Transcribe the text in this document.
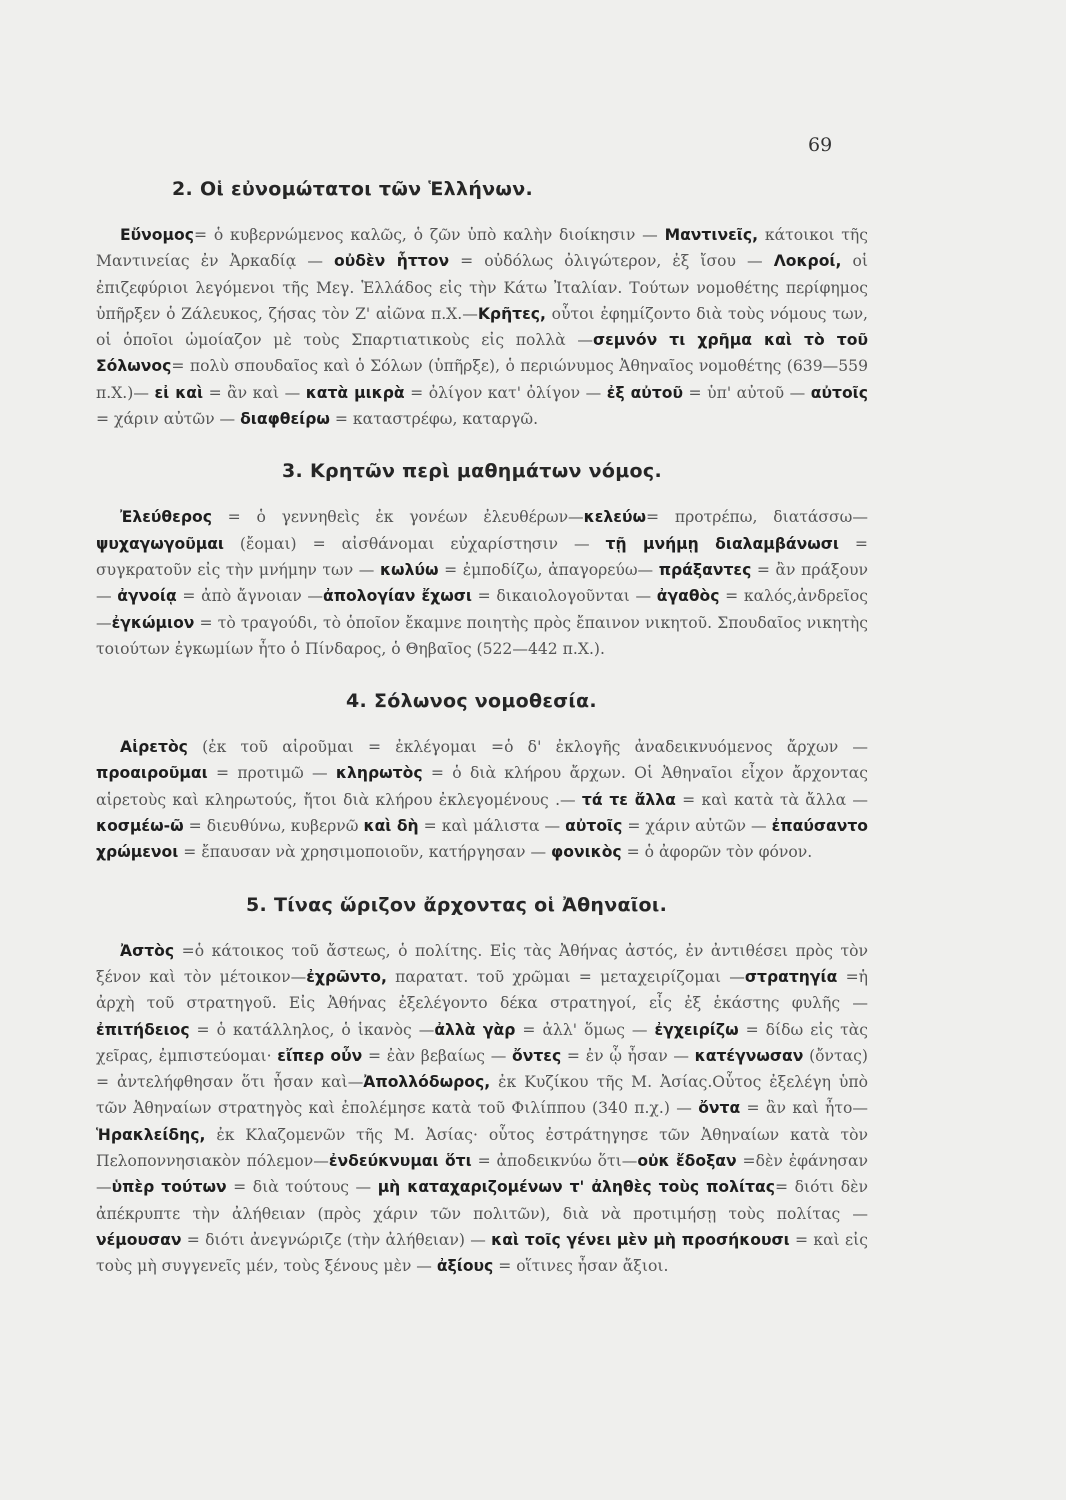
69
2. Οἱ εὐνομώτατοι τῶν Ἑλλήνων.

Εὔνομος= ὁ κυβερνώμενος καλῶς, ὁ ζῶν ὑπὸ καλὴν διοίκησιν — Μαντινεῖς, κάτοικοι τῆς Μαντινείας ἐν Ἀρκαδίᾳ — οὐδὲν ἧττον = οὐδόλως ὀλιγώτερον, ἐξ ἴσου — Λοκροί, οἱ ἐπιζεφύριοι λεγόμενοι τῆς Μεγ. Ἑλλάδος εἰς τὴν Κάτω Ἰταλίαν. Τούτων νομοθέτης περίφημος ὑπῆρξεν ὁ Ζάλευκος, ζήσας τὸν Ζ' αἰῶνα π.Χ.—Κρῆτες, οὗτοι ἐφημίζοντο διὰ τοὺς νόμους των, οἱ ὁποῖοι ὡμοίαζον μὲ τοὺς Σπαρτιατικοὺς εἰς πολλὰ —σεμνόν τι χρῆμα καὶ τὸ τοῦ Σόλωνος= πολὺ σπουδαῖος καὶ ὁ Σόλων (ὑπῆρξε), ὁ περιώνυμος Ἀθηναῖος νομοθέτης (639—559 π.Χ.)— εἰ καὶ = ἂν καὶ — κατὰ μικρὰ = ὀλίγον κατ' ὀλίγον — ἐξ αὐτοῦ = ὑπ' αὐτοῦ — αὐτοῖς = χάριν αὐτῶν — διαφθείρω = καταστρέφω, καταργῶ.

3. Κρητῶν περὶ μαθημάτων νόμος.

Ἐλεύθερος = ὁ γεννηθεὶς ἐκ γονέων ἐλευθέρων—κελεύω= προτρέπω, διατάσσω—ψυχαγωγοῦμαι (ἔομαι) = αἰσθάνομαι εὐχαρίστησιν — τῇ μνήμῃ διαλαμβάνωσι = συγκρατοῦν εἰς τὴν μνήμην των — κωλύω = ἐμποδίζω, ἀπαγορεύω— πράξαντες = ἂν πράξουν — ἀγνοίᾳ = ἀπὸ ἄγνοιαν —ἀπολογίαν ἔχωσι = δικαιολογοῦνται — ἀγαθὸς = καλός,ἀνδρεῖος—ἐγκώμιον = τὸ τραγούδι, τὸ ὁποῖον ἔκαμνε ποιητὴς πρὸς ἔπαινον νικητοῦ. Σπουδαῖος νικητὴς τοιούτων ἐγκωμίων ἦτο ὁ Πίνδαρος, ὁ Θηβαῖος (522—442 π.Χ.).

4. Σόλωνος νομοθεσία.

Αἱρετὸς (ἐκ τοῦ αἱροῦμαι = ἐκλέγομαι =ὁ δ' ἐκλογῆς ἀναδεικνυόμενος ἄρχων — προαιροῦμαι = προτιμῶ — κληρωτὸς = ὁ διὰ κλήρου ἄρχων. Οἱ Ἀθηναῖοι εἶχον ἄρχοντας αἱρετοὺς καὶ κληρωτούς, ἤτοι διὰ κλήρου ἐκλεγομένους .— τά τε ἄλλα = καὶ κατὰ τὰ ἄλλα — κοσμέω-ῶ = διευθύνω, κυβερνῶ καὶ δὴ = καὶ μάλιστα — αὐτοῖς = χάριν αὐτῶν — ἐπαύσαντο χρώμενοι = ἔπαυσαν νὰ χρησιμοποιοῦν, κατήργησαν — φονικὸς = ὁ ἀφορῶν τὸν φόνον.

5. Τίνας ὥριζον ἄρχοντας οἱ Ἀθηναῖοι.

Ἀστὸς =ὁ κάτοικος τοῦ ἄστεως, ὁ πολίτης. Εἰς τὰς Ἀθήνας ἀστός, ἐν ἀντιθέσει πρὸς τὸν ξένον καὶ τὸν μέτοικον—ἐχρῶντο, παρατατ. τοῦ χρῶμαι = μεταχειρίζομαι —στρατηγία =ἡ ἀρχὴ τοῦ στρατηγοῦ. Εἰς Ἀθήνας ἐξελέγοντο δέκα στρατηγοί, εἷς ἐξ ἑκάστης φυλῆς — ἐπιτήδειος = ὁ κατάλληλος, ὁ ἱκανὸς —ἀλλὰ γὰρ = ἀλλ' ὅμως — ἐγχειρίζω = δίδω εἰς τὰς χεῖρας, ἐμπιστεύομαι· εἴπερ οὖν = ἐὰν βεβαίως — ὄντες = ἐν ᾧ ἦσαν — κατέγνωσαν (ὄντας) = ἀντελήφθησαν ὅτι ἦσαν καὶ—Ἀπολλόδωρος, ἐκ Κυζίκου τῆς Μ. Ἀσίας.Οὗτος ἐξελέγη ὑπὸ τῶν Ἀθηναίων στρατηγὸς καὶ ἐπολέμησε κατὰ τοῦ Φιλίππου (340 π.χ.) — ὄντα = ἂν καὶ ἦτο—Ἡρακλείδης, ἐκ Κλαζομενῶν τῆς Μ. Ἀσίας· οὗτος ἐστράτηγησε τῶν Ἀθηναίων κατὰ τὸν Πελοποννησιακὸν πόλεμον—ἐνδεύκνυμαι ὅτι = ἀποδεικνύω ὅτι—οὐκ ἔδοξαν =δὲν ἐφάνησαν—ὑπὲρ τούτων = διὰ τούτους — μὴ καταχαριζομένων τ' ἀληθὲς τοὺς πολίτας= διότι δὲν ἀπέκρυπτε τὴν ἀλήθειαν (πρὸς χάριν τῶν πολιτῶν), διὰ νὰ προτιμήσῃ τοὺς πολίτας — νέμουσαν = διότι ἀνεγνώριζε (τὴν ἀλήθειαν) — καὶ τοῖς γένει μὲν μὴ προσήκουσι = καὶ εἰς τοὺς μὴ συγγενεῖς μέν, τοὺς ξένους μὲν — ἀξίους = οἵτινες ἦσαν ἄξιοι.
